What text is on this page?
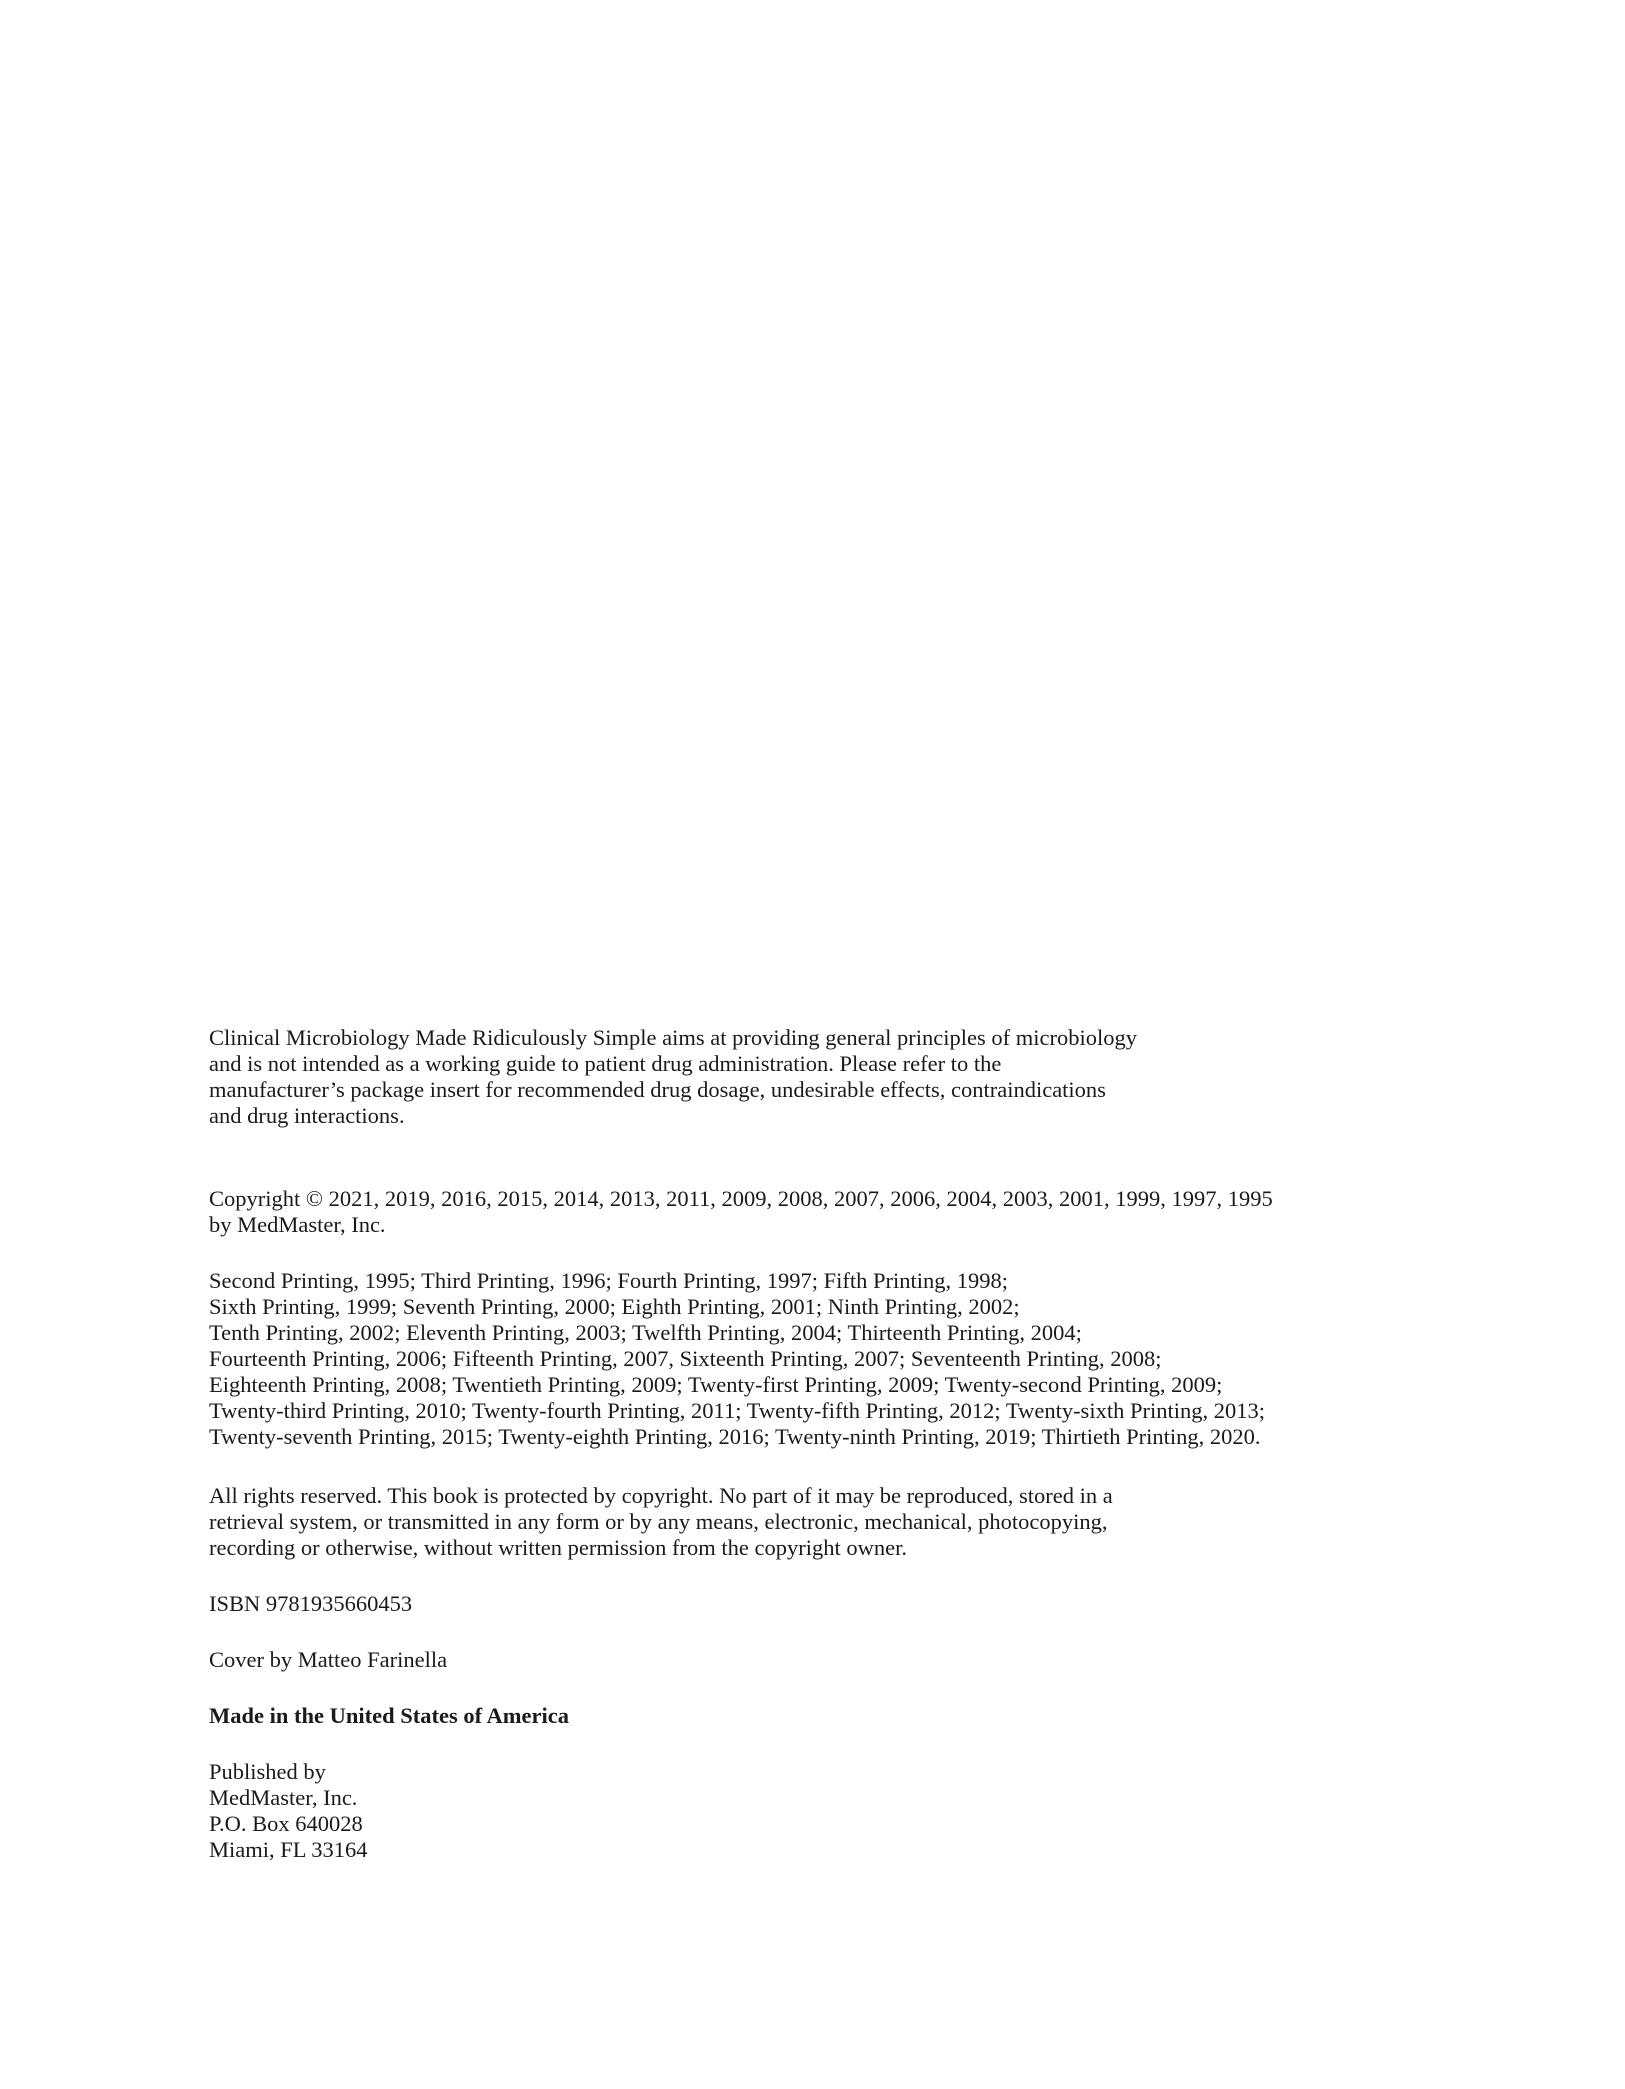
Clinical Microbiology Made Ridiculously Simple aims at providing general principles of microbiology
and is not intended as a working guide to patient drug administration. Please refer to the
manufacturer’s package insert for recommended drug dosage, undesirable effects, contraindications
and drug interactions.
Copyright © 2021, 2019, 2016, 2015, 2014, 2013, 2011, 2009, 2008, 2007, 2006, 2004, 2003, 2001, 1999, 1997, 1995
by MedMaster, Inc.
Second Printing, 1995; Third Printing, 1996; Fourth Printing, 1997; Fifth Printing, 1998;
Sixth Printing, 1999; Seventh Printing, 2000; Eighth Printing, 2001; Ninth Printing, 2002;
Tenth Printing, 2002; Eleventh Printing, 2003; Twelfth Printing, 2004; Thirteenth Printing, 2004;
Fourteenth Printing, 2006; Fifteenth Printing, 2007, Sixteenth Printing, 2007; Seventeenth Printing, 2008;
Eighteenth Printing, 2008; Twentieth Printing, 2009; Twenty-first Printing, 2009; Twenty-second Printing, 2009;
Twenty-third Printing, 2010; Twenty-fourth Printing, 2011; Twenty-fifth Printing, 2012; Twenty-sixth Printing, 2013;
Twenty-seventh Printing, 2015; Twenty-eighth Printing, 2016; Twenty-ninth Printing, 2019; Thirtieth Printing, 2020.
All rights reserved. This book is protected by copyright. No part of it may be reproduced, stored in a
retrieval system, or transmitted in any form or by any means, electronic, mechanical, photocopying,
recording or otherwise, without written permission from the copyright owner.
ISBN 9781935660453
Cover by Matteo Farinella
Made in the United States of America
Published by
MedMaster, Inc.
P.O. Box 640028
Miami, FL 33164
